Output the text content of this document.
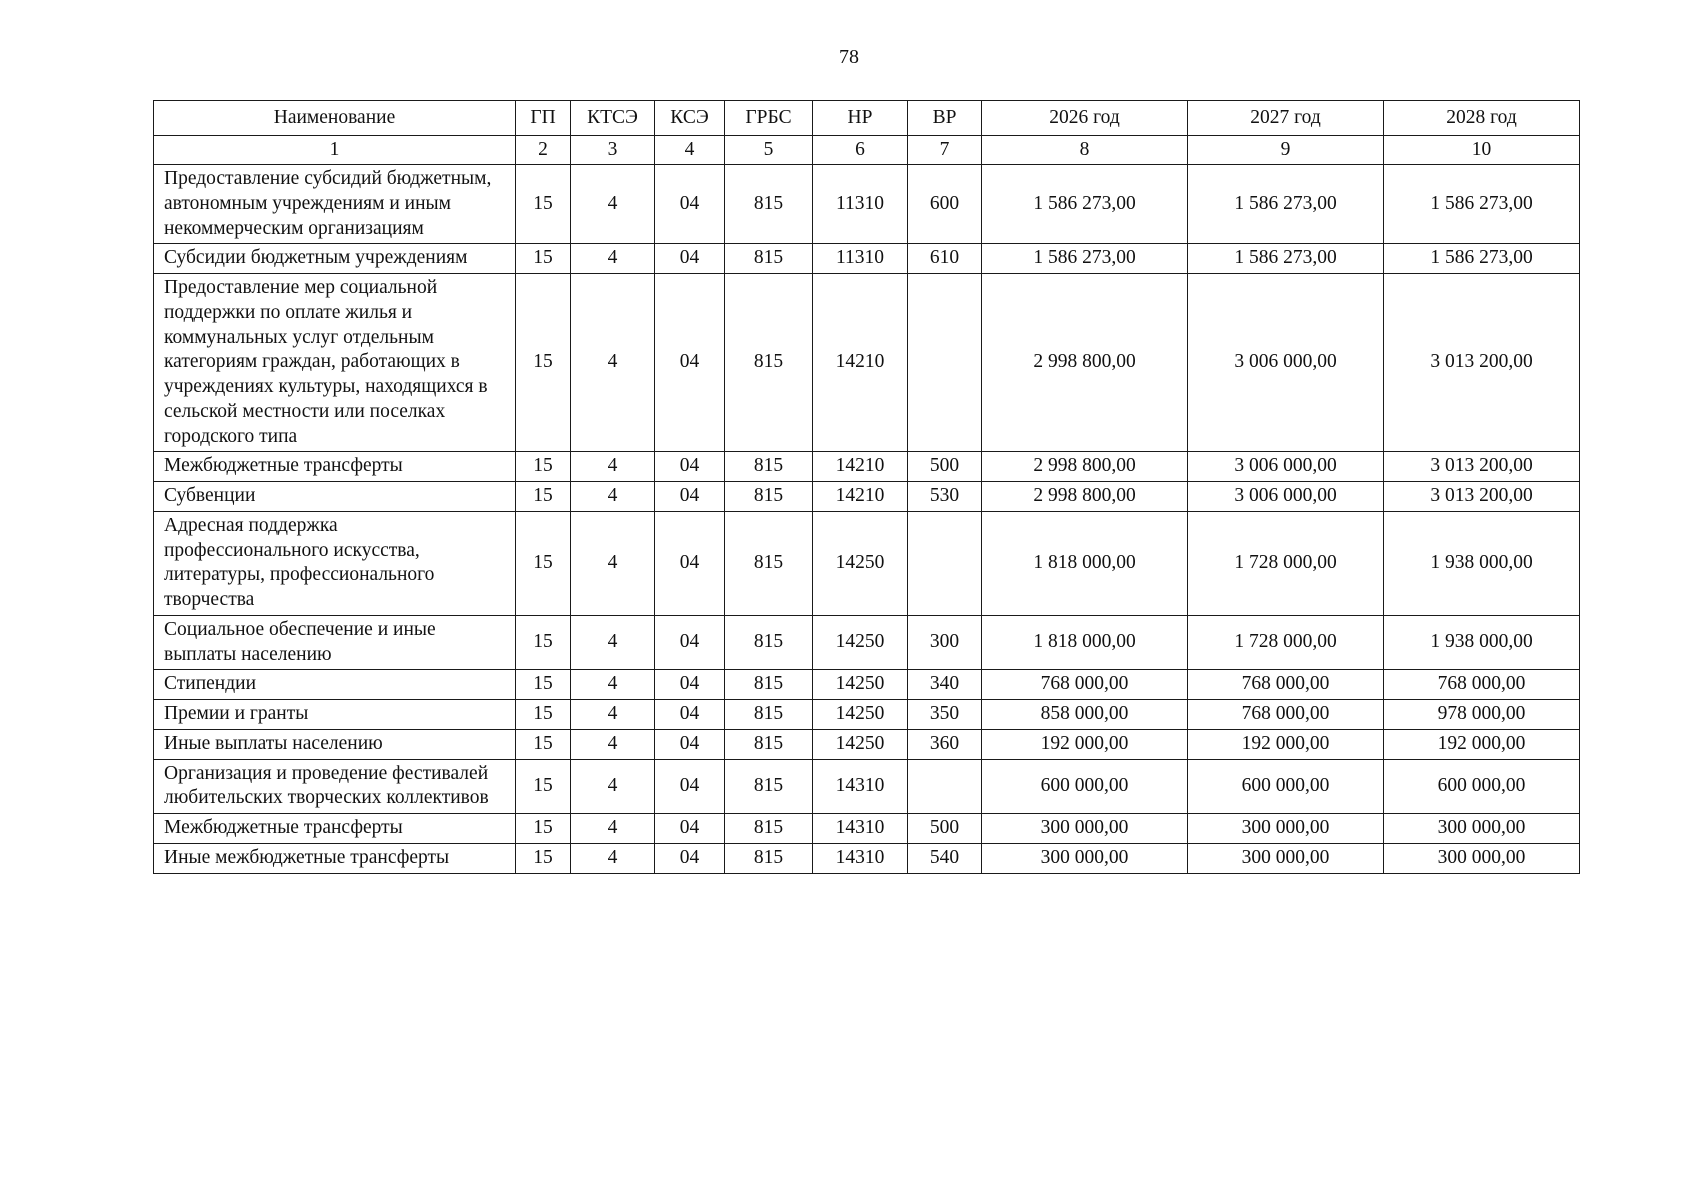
78
Наименование	ГП	КТСЭ	КСЭ	ГРБС	НР	ВР	2026 год	2027 год	2028 год
1	2	3	4	5	6	7	8	9	10
Предоставление субсидий бюджетным, автономным учреждениям и иным некоммерческим организациям	15	4	04	815	11310	600	1 586 273,00	1 586 273,00	1 586 273,00
Субсидии бюджетным учреждениям	15	4	04	815	11310	610	1 586 273,00	1 586 273,00	1 586 273,00
Предоставление мер социальной поддержки по оплате жилья и коммунальных услуг отдельным категориям граждан, работающих в учреждениях культуры, находящихся в сельской местности или поселках городского типа	15	4	04	815	14210		2 998 800,00	3 006 000,00	3 013 200,00
Межбюджетные трансферты	15	4	04	815	14210	500	2 998 800,00	3 006 000,00	3 013 200,00
Субвенции	15	4	04	815	14210	530	2 998 800,00	3 006 000,00	3 013 200,00
Адресная поддержка профессионального искусства, литературы, профессионального творчества	15	4	04	815	14250		1 818 000,00	1 728 000,00	1 938 000,00
Социальное обеспечение и иные выплаты населению	15	4	04	815	14250	300	1 818 000,00	1 728 000,00	1 938 000,00
Стипендии	15	4	04	815	14250	340	768 000,00	768 000,00	768 000,00
Премии и гранты	15	4	04	815	14250	350	858 000,00	768 000,00	978 000,00
Иные выплаты населению	15	4	04	815	14250	360	192 000,00	192 000,00	192 000,00
Организация и проведение фестивалей любительских творческих коллективов	15	4	04	815	14310		600 000,00	600 000,00	600 000,00
Межбюджетные трансферты	15	4	04	815	14310	500	300 000,00	300 000,00	300 000,00
Иные межбюджетные трансферты	15	4	04	815	14310	540	300 000,00	300 000,00	300 000,00
